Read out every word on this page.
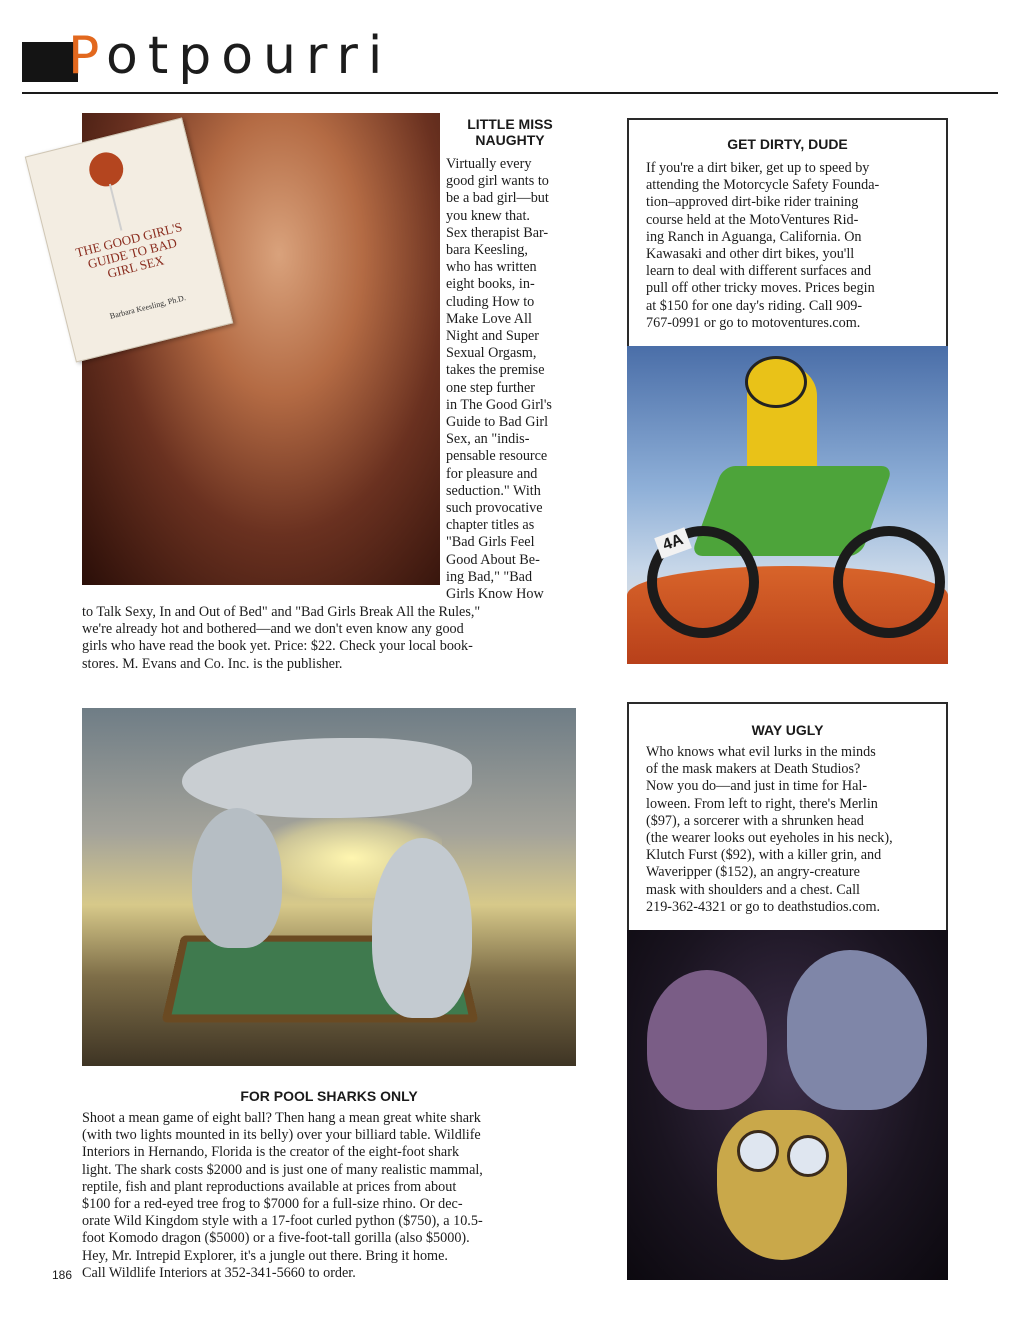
P otpourri
THE GOOD GIRL'S GUIDE TO BAD GIRL SEX
Barbara Keesling, Ph.D.
LITTLE MISS
NAUGHTY
Virtually every
good girl wants to
be a bad girl—but
you knew that.
Sex therapist Bar-
bara Keesling,
who has written
eight books, in-
cluding How to
Make Love All
Night and Super
Sexual Orgasm,
takes the premise
one step further
in The Good Girl's
Guide to Bad Girl
Sex, an "indis-
pensable resource
for pleasure and
seduction." With
such provocative
chapter titles as
"Bad Girls Feel
Good About Be-
ing Bad," "Bad
Girls Know How
to Talk Sexy, In and Out of Bed" and "Bad Girls Break All the Rules,"
we're already hot and bothered—and we don't even know any good
girls who have read the book yet. Price: $22. Check your local book-
stores. M. Evans and Co. Inc. is the publisher.
GET DIRTY, DUDE
If you're a dirt biker, get up to speed by
attending the Motorcycle Safety Founda-
tion–approved dirt-bike rider training
course held at the MotoVentures Rid-
ing Ranch in Aguanga, California. On
Kawasaki and other dirt bikes, you'll
learn to deal with different surfaces and
pull off other tricky moves. Prices begin
at $150 for one day's riding. Call 909-
767-0991 or go to motoventures.com.
4A
FOR POOL SHARKS ONLY
Shoot a mean game of eight ball? Then hang a mean great white shark
(with two lights mounted in its belly) over your billiard table. Wildlife
Interiors in Hernando, Florida is the creator of the eight-foot shark
light. The shark costs $2000 and is just one of many realistic mammal,
reptile, fish and plant reproductions available at prices from about
$100 for a red-eyed tree frog to $7000 for a full-size rhino. Or dec-
orate Wild Kingdom style with a 17-foot curled python ($750), a 10.5-
foot Komodo dragon ($5000) or a five-foot-tall gorilla (also $5000).
Hey, Mr. Intrepid Explorer, it's a jungle out there. Bring it home.
Call Wildlife Interiors at 352-341-5660 to order.
WAY UGLY
Who knows what evil lurks in the minds
of the mask makers at Death Studios?
Now you do—and just in time for Hal-
loween. From left to right, there's Merlin
($97), a sorcerer with a shrunken head
(the wearer looks out eyeholes in his neck),
Klutch Furst ($92), with a killer grin, and
Waveripper ($152), an angry-creature
mask with shoulders and a chest. Call
219-362-4321 or go to deathstudios.com.
186
